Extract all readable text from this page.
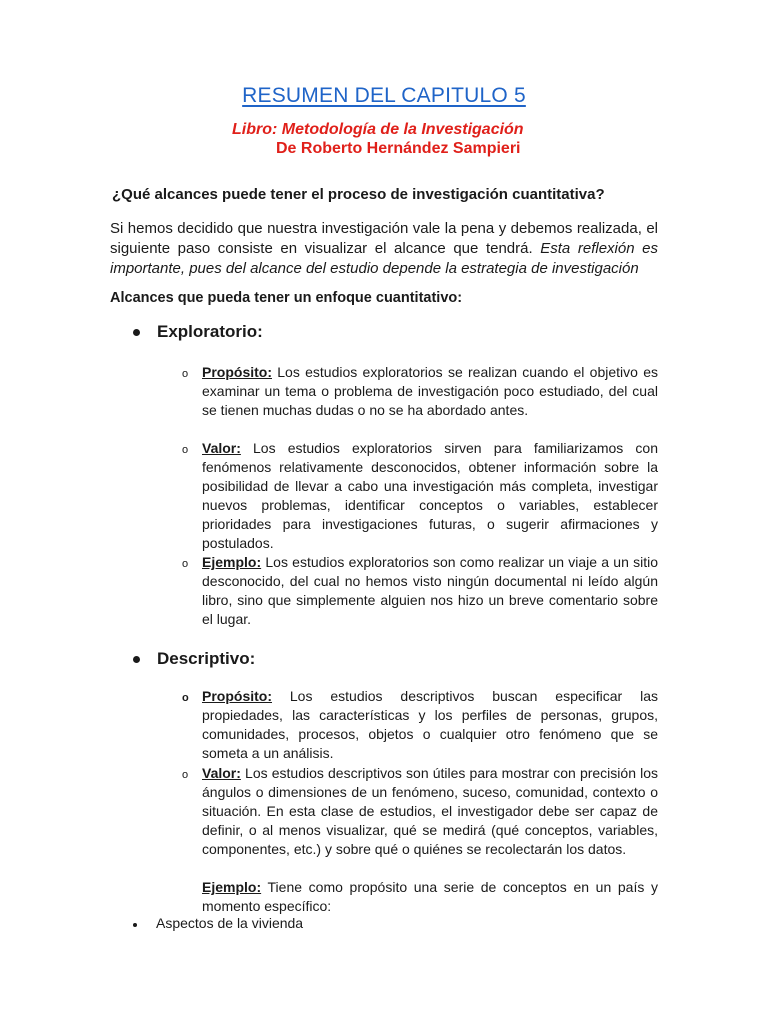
RESUMEN DEL CAPITULO 5
Libro: Metodología de la Investigación
De Roberto Hernández Sampieri
¿Qué alcances puede tener el proceso de investigación cuantitativa?
Si hemos decidido que nuestra investigación vale la pena y debemos realizada, el siguiente paso consiste en visualizar el alcance que tendrá. Esta reflexión es importante, pues del alcance del estudio depende la estrategia de investigación
Alcances que pueda tener un enfoque cuantitativo:
Exploratorio:
o Propósito: Los estudios exploratorios se realizan cuando el objetivo es examinar un tema o problema de investigación poco estudiado, del cual se tienen muchas dudas o no se ha abordado antes.
o Valor: Los estudios exploratorios sirven para familiarizamos con fenómenos relativamente desconocidos, obtener información sobre la posibilidad de llevar a cabo una investigación más completa, investigar nuevos problemas, identificar conceptos o variables, establecer prioridades para investigaciones futuras, o sugerir afirmaciones y postulados.
o Ejemplo: Los estudios exploratorios son como realizar un viaje a un sitio desconocido, del cual no hemos visto ningún documental ni leído algún libro, sino que simplemente alguien nos hizo un breve comentario sobre el lugar.
Descriptivo:
o Propósito: Los estudios descriptivos buscan especificar las propiedades, las características y los perfiles de personas, grupos, comunidades, procesos, objetos o cualquier otro fenómeno que se someta a un análisis.
o Valor: Los estudios descriptivos son útiles para mostrar con precisión los ángulos o dimensiones de un fenómeno, suceso, comunidad, contexto o situación. En esta clase de estudios, el investigador debe ser capaz de definir, o al menos visualizar, qué se medirá (qué conceptos, variables, componentes, etc.) y sobre qué o quiénes se recolectarán los datos.
Ejemplo: Tiene como propósito una serie de conceptos en un país y momento específico:
Aspectos de la vivienda
